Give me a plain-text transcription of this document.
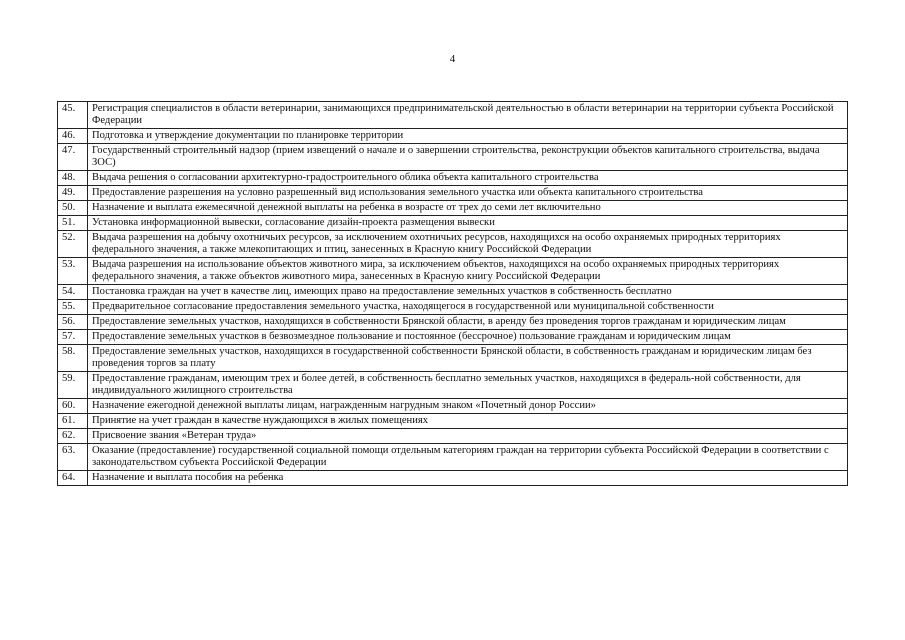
4
45.	Регистрация специалистов в области ветеринарии, занимающихся предпринимательской деятельностью в области ветеринарии на территории субъекта Российской Федерации
46.	Подготовка и утверждение документации по планировке территории
47.	Государственный строительный надзор (прием извещений о начале и о завершении строительства, реконструкции объектов капитального строительства, выдача ЗОС)
48.	Выдача решения о согласовании архитектурно-градостроительного облика объекта капитального строительства
49.	Предоставление разрешения на условно разрешенный вид использования земельного участка или объекта капитального строительства
50.	Назначение и выплата ежемесячной денежной выплаты на ребенка в возрасте от трех до семи лет включительно
51.	Установка информационной вывески, согласование дизайн-проекта размещения вывески
52.	Выдача разрешения на добычу охотничьих ресурсов, за исключением охотничьих ресурсов, находящихся на особо охраняемых природных территориях федерального значения, а также млекопитающих и птиц, занесенных в Красную книгу Российской Федерации
53.	Выдача разрешения на использование объектов животного мира, за исключением объектов, находящихся на особо охраняемых природных территориях федерального значения, а также объектов животного мира, занесенных в Красную книгу Российской Федерации
54.	Постановка граждан на учет в качестве лиц, имеющих право на предоставление земельных участков в собственность бесплатно
55.	Предварительное согласование предоставления земельного участка, находящегося в государственной или муниципальной собственности
56.	Предоставление земельных участков, находящихся в собственности Брянской области, в аренду без проведения торгов гражданам и юридическим лицам
57.	Предоставление земельных участков в безвозмездное пользование и постоянное (бессрочное) пользование гражданам и юридическим лицам
58.	Предоставление земельных участков, находящихся в государственной собственности Брянской области, в собственность гражданам и юридическим лицам без проведения торгов за плату
59.	Предоставление гражданам, имеющим трех и более детей, в собственность бесплатно земельных участков, находящихся в федераль-ной собственности, для индивидуального жилищного строительства
60.	Назначение ежегодной денежной выплаты лицам, награжденным нагрудным знаком «Почетный донор России»
61.	Принятие на учет граждан в качестве нуждающихся в жилых помещениях
62.	Присвоение звания «Ветеран труда»
63.	Оказание (предоставление) государственной социальной помощи отдельным категориям граждан на территории субъекта Российской Федерации в соответствии с законодательством субъекта Российской Федерации
64.	Назначение и выплата пособия на ребенка
